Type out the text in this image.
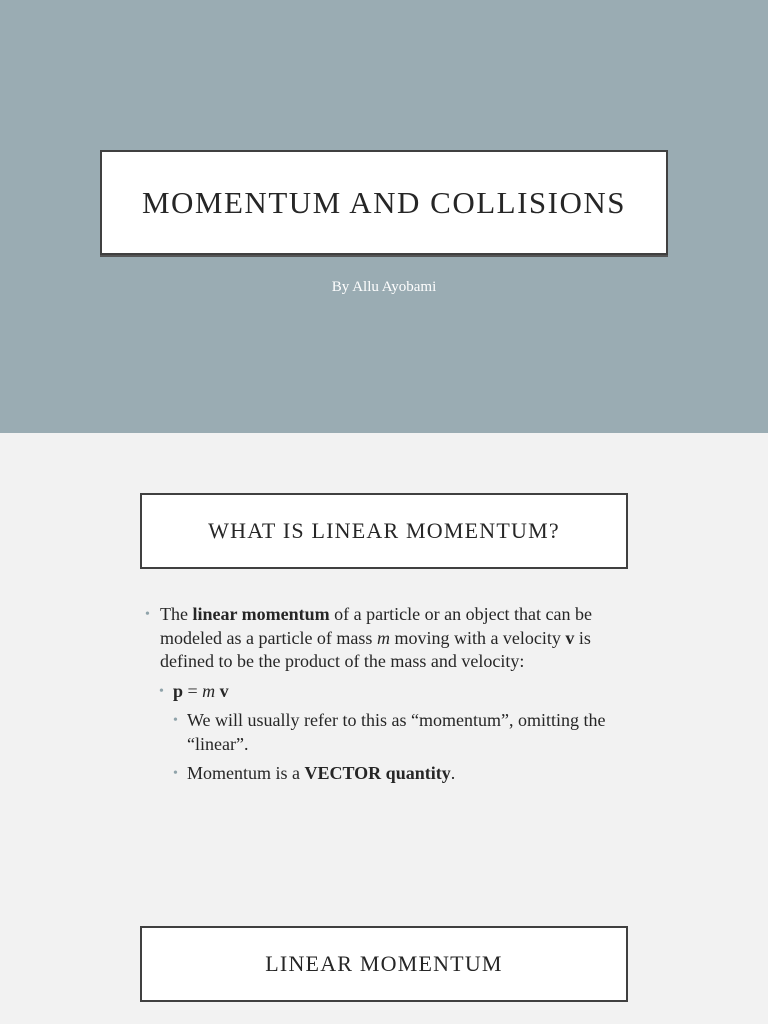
MOMENTUM AND COLLISIONS
By Allu Ayobami
WHAT IS LINEAR MOMENTUM?
• The linear momentum of a particle or an object that can be modeled as a particle of mass m moving with a velocity v is defined to be the product of the mass and velocity:
• p = m v
• We will usually refer to this as “momentum”, omitting the “linear”.
• Momentum is a VECTOR quantity.
LINEAR MOMENTUM
